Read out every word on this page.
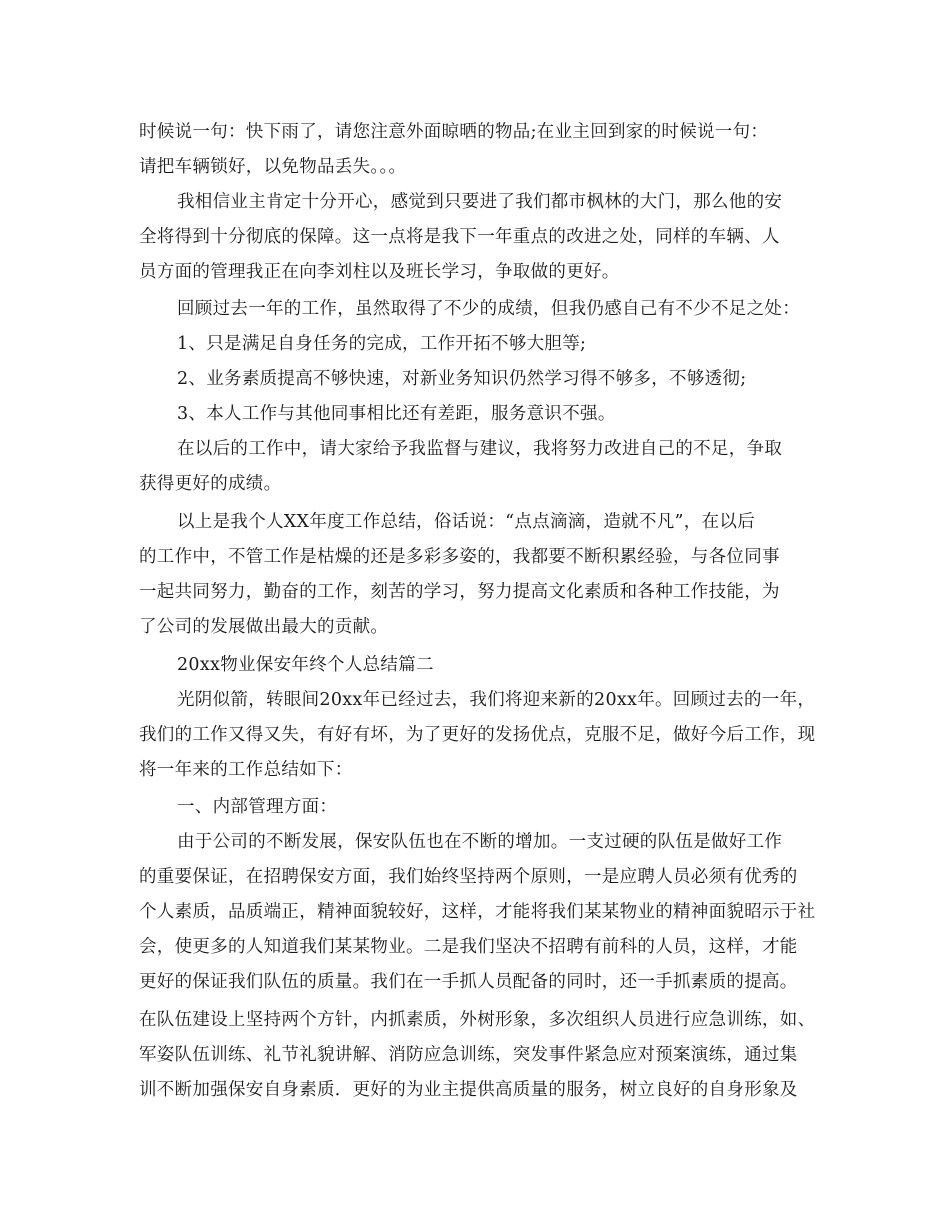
时候说一句：快下雨了，请您注意外面晾晒的物品;在业主回到家的时候说一句：
请把车辆锁好，以免物品丢失。。。
我相信业主肯定十分开心，感觉到只要进了我们都市枫林的大门，那么他的安
全将得到十分彻底的保障。这一点将是我下一年重点的改进之处，同样的车辆、人
员方面的管理我正在向李刘柱以及班长学习，争取做的更好。
回顾过去一年的工作，虽然取得了不少的成绩，但我仍感自己有不少不足之处：
1、只是满足自身任务的完成，工作开拓不够大胆等;
2、业务素质提高不够快速，对新业务知识仍然学习得不够多，不够透彻;
3、本人工作与其他同事相比还有差距，服务意识不强。
在以后的工作中，请大家给予我监督与建议，我将努力改进自己的不足，争取
获得更好的成绩。
以上是我个人XX年度工作总结，俗话说：“点点滴滴，造就不凡”，在以后
的工作中，不管工作是枯燥的还是多彩多姿的，我都要不断积累经验，与各位同事
一起共同努力，勤奋的工作，刻苦的学习，努力提高文化素质和各种工作技能，为
了公司的发展做出最大的贡献。
20xx物业保安年终个人总结篇二
光阴似箭，转眼间20xx年已经过去，我们将迎来新的20xx年。回顾过去的一年，
我们的工作又得又失，有好有坏，为了更好的发扬优点，克服不足，做好今后工作，现
将一年来的工作总结如下：
一、内部管理方面：
由于公司的不断发展，保安队伍也在不断的增加。一支过硬的队伍是做好工作
的重要保证，在招聘保安方面，我们始终坚持两个原则，一是应聘人员必须有优秀的
个人素质，品质端正，精神面貌较好，这样，才能将我们某某物业的精神面貌昭示于社
会，使更多的人知道我们某某物业。二是我们坚决不招聘有前科的人员，这样，才能
更好的保证我们队伍的质量。我们在一手抓人员配备的同时，还一手抓素质的提高。
在队伍建设上坚持两个方针，内抓素质，外树形象，多次组织人员进行应急训练，如、
军姿队伍训练、礼节礼貌讲解、消防应急训练，突发事件紧急应对预案演练，通过集
训不断加强保安自身素质．更好的为业主提供高质量的服务，树立良好的自身形象及
